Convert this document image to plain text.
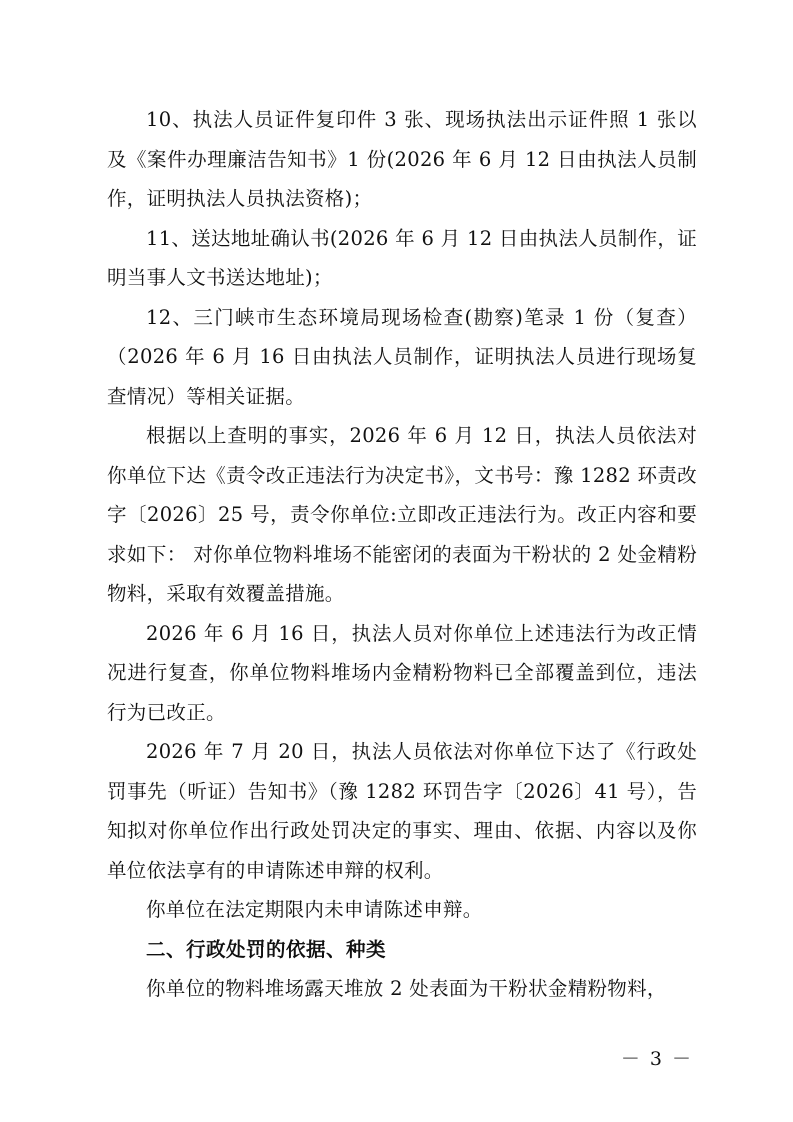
10、执法人员证件复印件 3 张、现场执法出示证件照 1 张以及《案件办理廉洁告知书》1 份(2026 年 6 月 12 日由执法人员制作，证明执法人员执法资格)；

11、送达地址确认书(2026 年 6 月 12 日由执法人员制作，证明当事人文书送达地址)；

12、三门峡市生态环境局现场检查(勘察)笔录 1 份（复查）（2026 年 6 月 16 日由执法人员制作，证明执法人员进行现场复查情况）等相关证据。

根据以上查明的事实，2026 年 6 月 12 日，执法人员依法对你单位下达《责令改正违法行为决定书》，文书号：豫 1282 环责改字〔2026〕25 号，责令你单位:立即改正违法行为。改正内容和要求如下： 对你单位物料堆场不能密闭的表面为干粉状的 2 处金精粉物料，采取有效覆盖措施。

2026 年 6 月 16 日，执法人员对你单位上述违法行为改正情况进行复查，你单位物料堆场内金精粉物料已全部覆盖到位，违法行为已改正。

2026 年 7 月 20 日，执法人员依法对你单位下达了《行政处罚事先（听证）告知书》（豫 1282 环罚告字〔2026〕41 号），告知拟对你单位作出行政处罚决定的事实、理由、依据、内容以及你单位依法享有的申请陈述申辩的权利。

你单位在法定期限内未申请陈述申辩。

二、行政处罚的依据、种类

你单位的物料堆场露天堆放 2 处表面为干粉状金精粉物料，

－ 3 －
